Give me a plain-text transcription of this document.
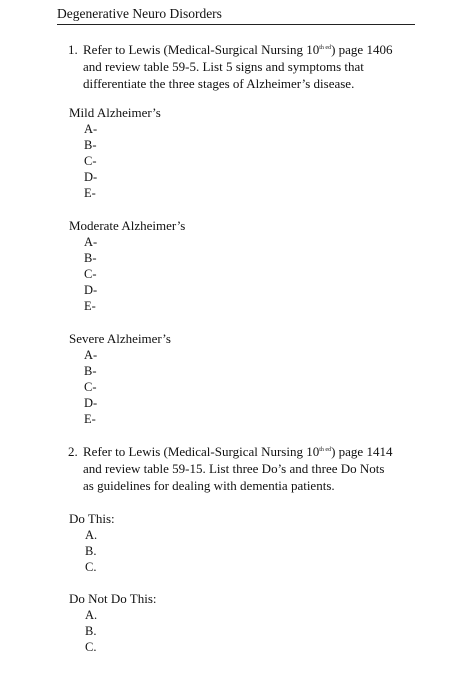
Degenerative Neuro Disorders
1. Refer to Lewis (Medical-Surgical Nursing $10^{th ed}$) page 1406
and review table 59-5. List 5 signs and symptoms that
differentiate the three stages of Alzheimer’s disease.
Mild Alzheimer’s
A-
B-
C-
D-
E-
Moderate Alzheimer’s
A-
B-
C-
D-
E-
Severe Alzheimer’s
A-
B-
C-
D-
E-
2. Refer to Lewis (Medical-Surgical Nursing $10^{th ed}$) page 1414
and review table 59-15. List three Do’s and three Do Nots
as guidelines for dealing with dementia patients.
Do This:
A.
B.
C.
Do Not Do This:
A.
B.
C.
